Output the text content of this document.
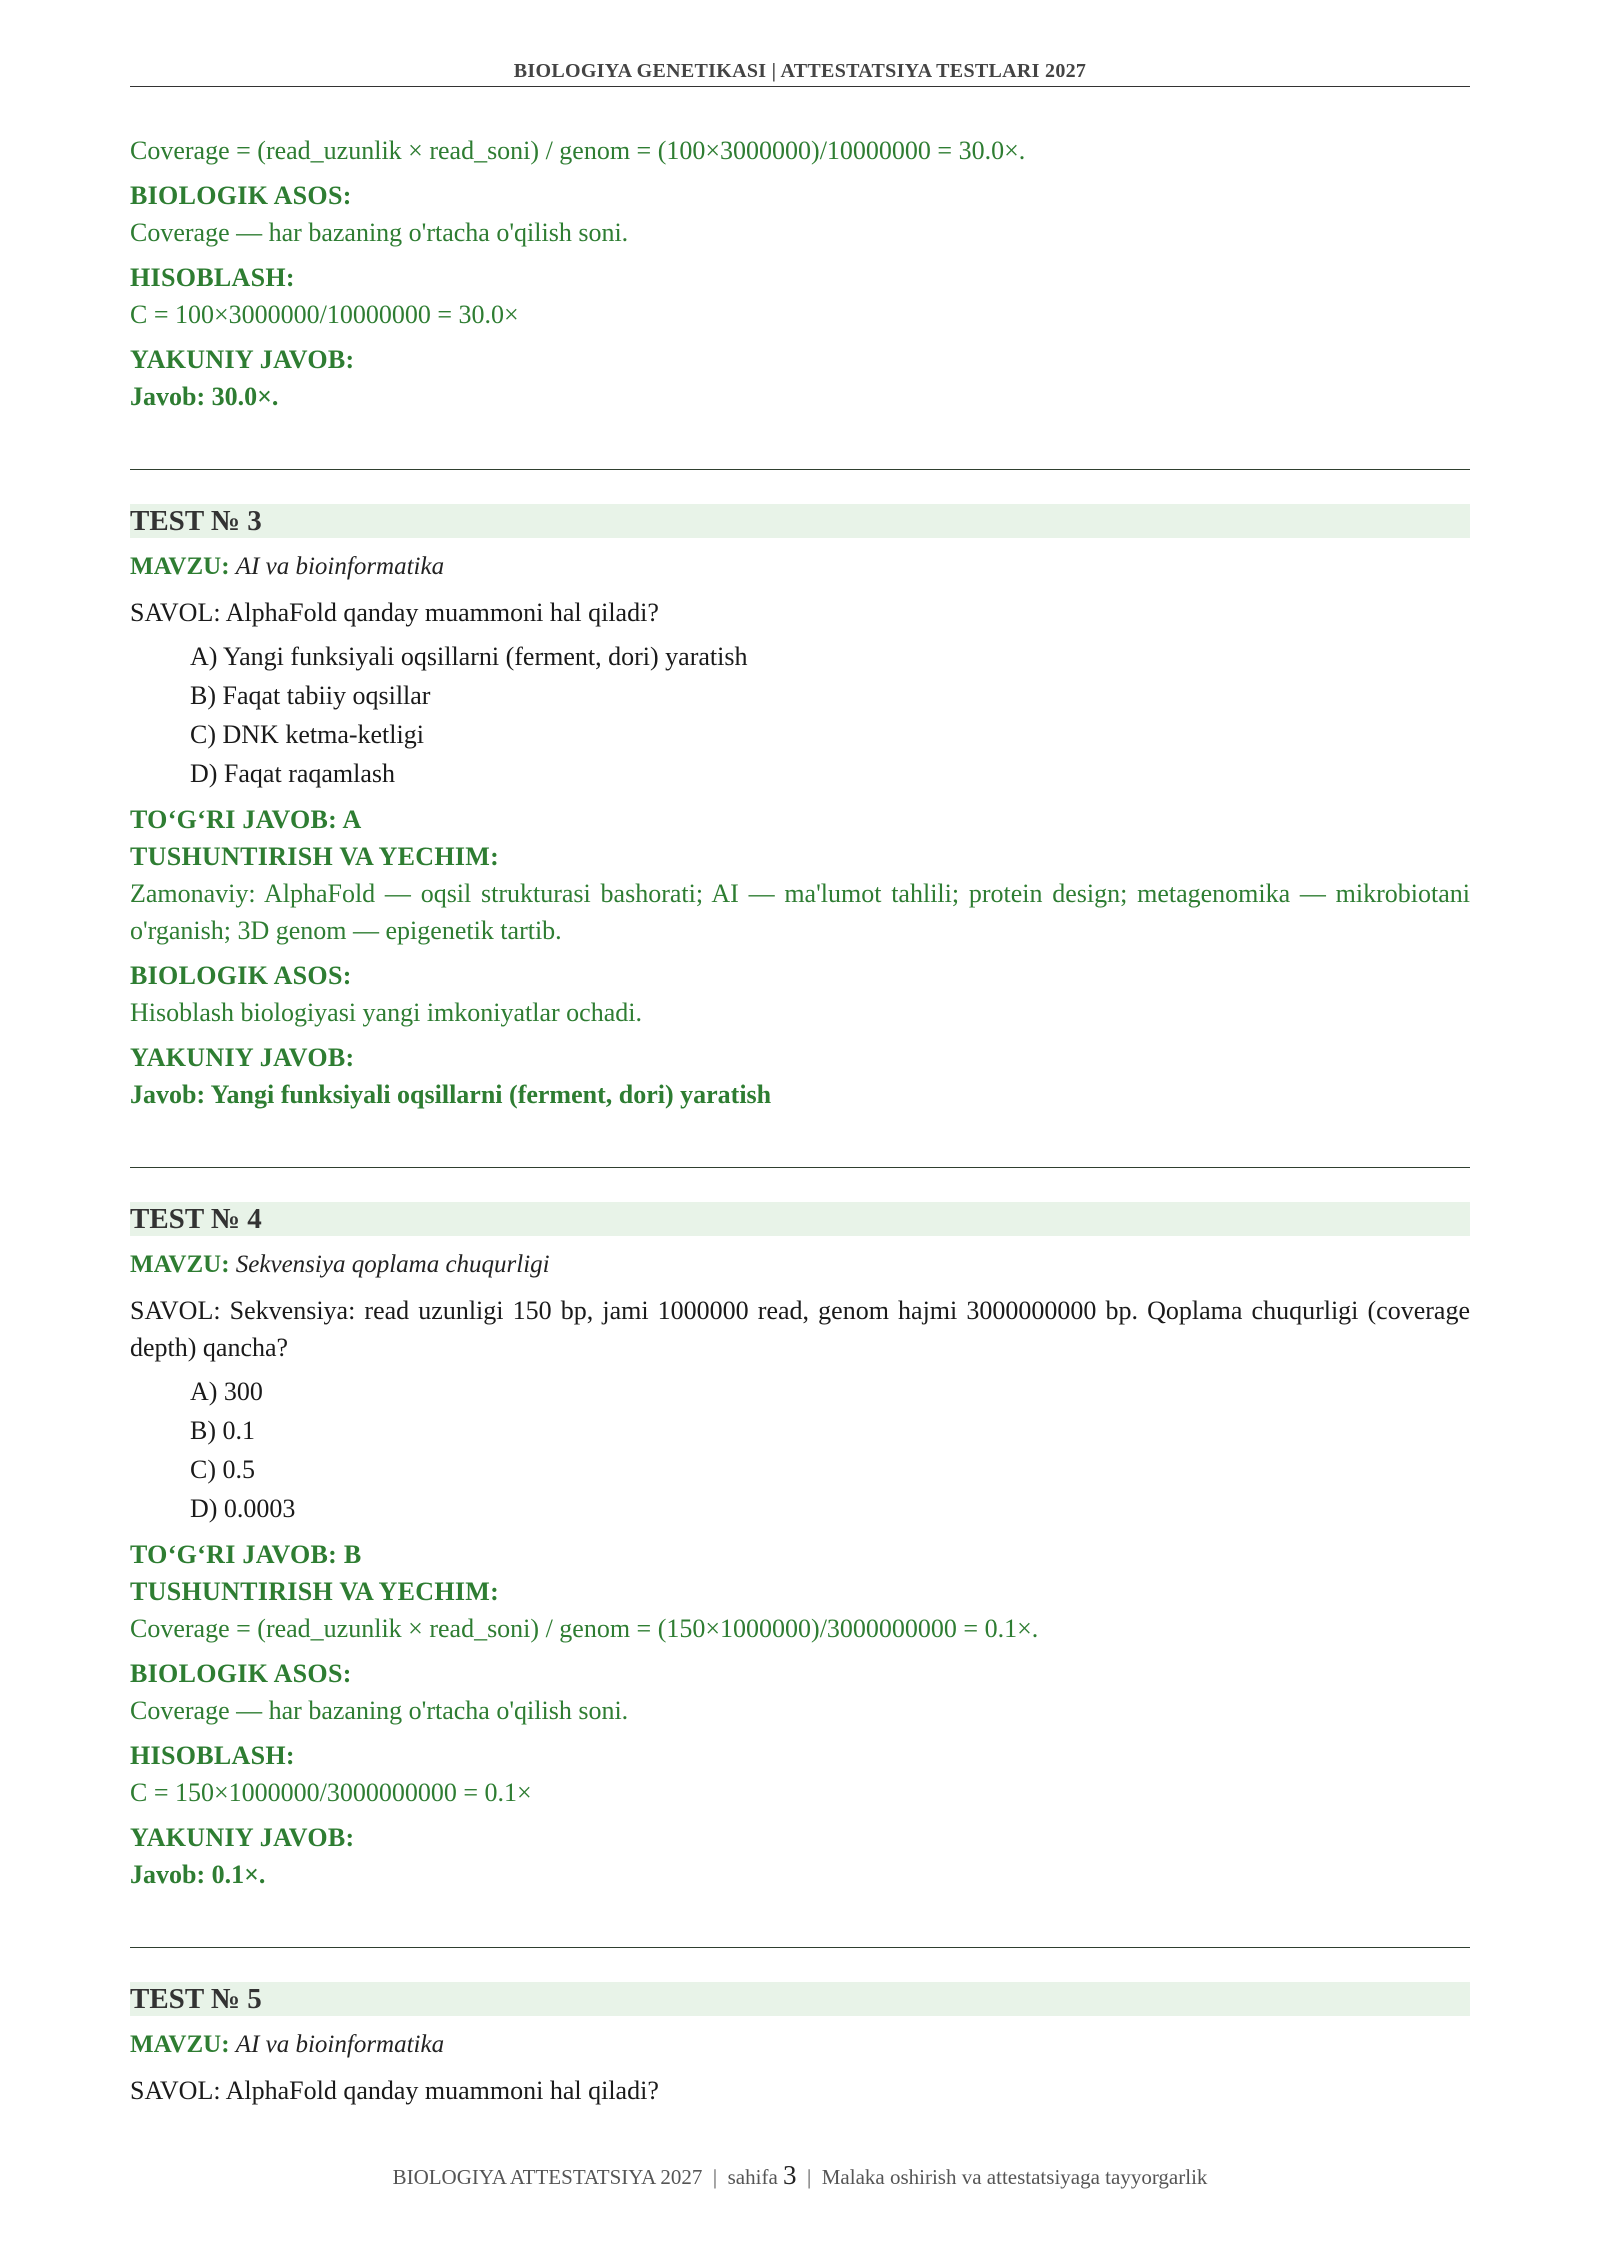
BIOLOGIYA GENETIKASI | ATTESTATSIYA TESTLARI 2027
Coverage = (read_uzunlik × read_soni) / genom = (100×3000000)/10000000 = 30.0×.
BIOLOGIK ASOS:
Coverage — har bazaning o'rtacha o'qilish soni.
HISOBLASH:
C = 100×3000000/10000000 = 30.0×
YAKUNIY JAVOB:
Javob: 30.0×.
TEST № 3
MAVZU: AI va bioinformatika
SAVOL: AlphaFold qanday muammoni hal qiladi?
A) Yangi funksiyali oqsillarni (ferment, dori) yaratish
B) Faqat tabiiy oqsillar
C) DNK ketma-ketligi
D) Faqat raqamlash
TO‘G‘RI JAVOB: A
TUSHUNTIRISH VA YECHIM:
Zamonaviy: AlphaFold — oqsil strukturasi bashorati; AI — ma'lumot tahlili; protein design; metagenomika — mikrobiotani o'rganish; 3D genom — epigenetik tartib.
BIOLOGIK ASOS:
Hisoblash biologiyasi yangi imkoniyatlar ochadi.
YAKUNIY JAVOB:
Javob: Yangi funksiyali oqsillarni (ferment, dori) yaratish
TEST № 4
MAVZU: Sekvensiya qoplama chuqurligi
SAVOL: Sekvensiya: read uzunligi 150 bp, jami 1000000 read, genom hajmi 3000000000 bp. Qoplama chuqurligi (coverage depth) qancha?
A) 300
B) 0.1
C) 0.5
D) 0.0003
TO‘G‘RI JAVOB: B
TUSHUNTIRISH VA YECHIM:
Coverage = (read_uzunlik × read_soni) / genom = (150×1000000)/3000000000 = 0.1×.
BIOLOGIK ASOS:
Coverage — har bazaning o'rtacha o'qilish soni.
HISOBLASH:
C = 150×1000000/3000000000 = 0.1×
YAKUNIY JAVOB:
Javob: 0.1×.
TEST № 5
MAVZU: AI va bioinformatika
SAVOL: AlphaFold qanday muammoni hal qiladi?
BIOLOGIYA ATTESTATSIYA 2027 | sahifa 3 | Malaka oshirish va attestatsiyaga tayyorgarlik
